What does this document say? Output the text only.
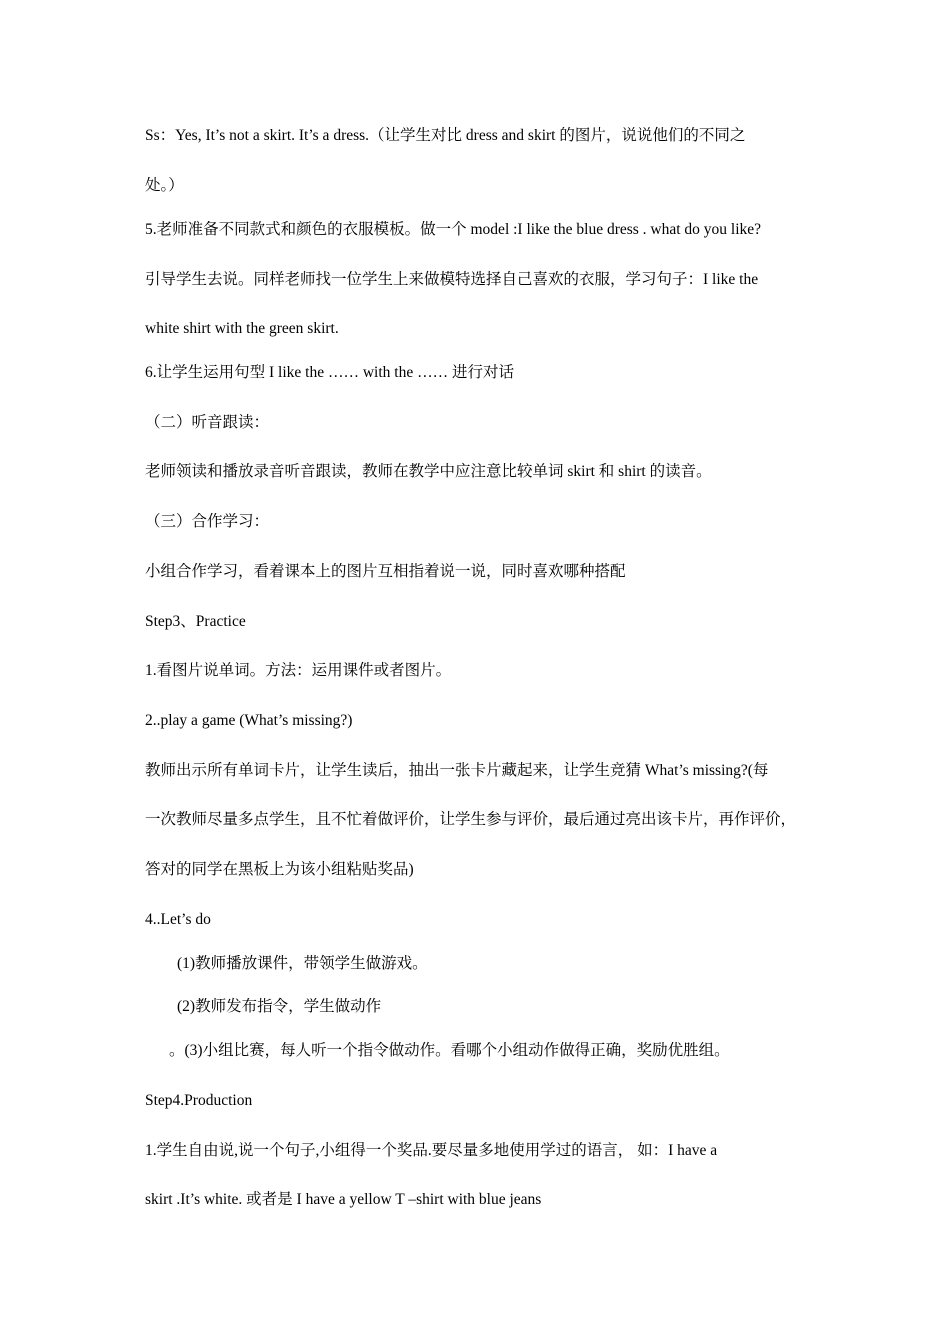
Ss：Yes, It’s not a skirt. It’s a dress.（让学生对比 dress and skirt 的图片，说说他们的不同之
处。）
5.老师准备不同款式和颜色的衣服模板。做一个 model :I like the blue dress . what do you like?
引导学生去说。同样老师找一位学生上来做模特选择自己喜欢的衣服，学习句子：I like the
white shirt with the green skirt.
6.让学生运用句型 I like the …… with the …… 进行对话
（二）听音跟读：
老师领读和播放录音听音跟读，教师在教学中应注意比较单词 skirt 和 shirt 的读音。
（三）合作学习：
小组合作学习，看着课本上的图片互相指着说一说，同时喜欢哪种搭配
Step3、Practice
1.看图片说单词。方法：运用课件或者图片。
2..play a game (What’s missing?)
教师出示所有单词卡片，让学生读后，抽出一张卡片藏起来，让学生竞猜 What’s missing?(每
一次教师尽量多点学生，且不忙着做评价，让学生参与评价，最后通过亮出该卡片，再作评价，
答对的同学在黑板上为该小组粘贴奖品)
4..Let’s do
(1)教师播放课件，带领学生做游戏。
(2)教师发布指令，学生做动作
。(3)小组比赛，每人听一个指令做动作。看哪个小组动作做得正确，奖励优胜组。
Step4.Production
1.学生自由说,说一个句子,小组得一个奖品.要尽量多地使用学过的语言， 如：I have a
skirt .It’s white. 或者是 I have a yellow T –shirt with blue jeans
